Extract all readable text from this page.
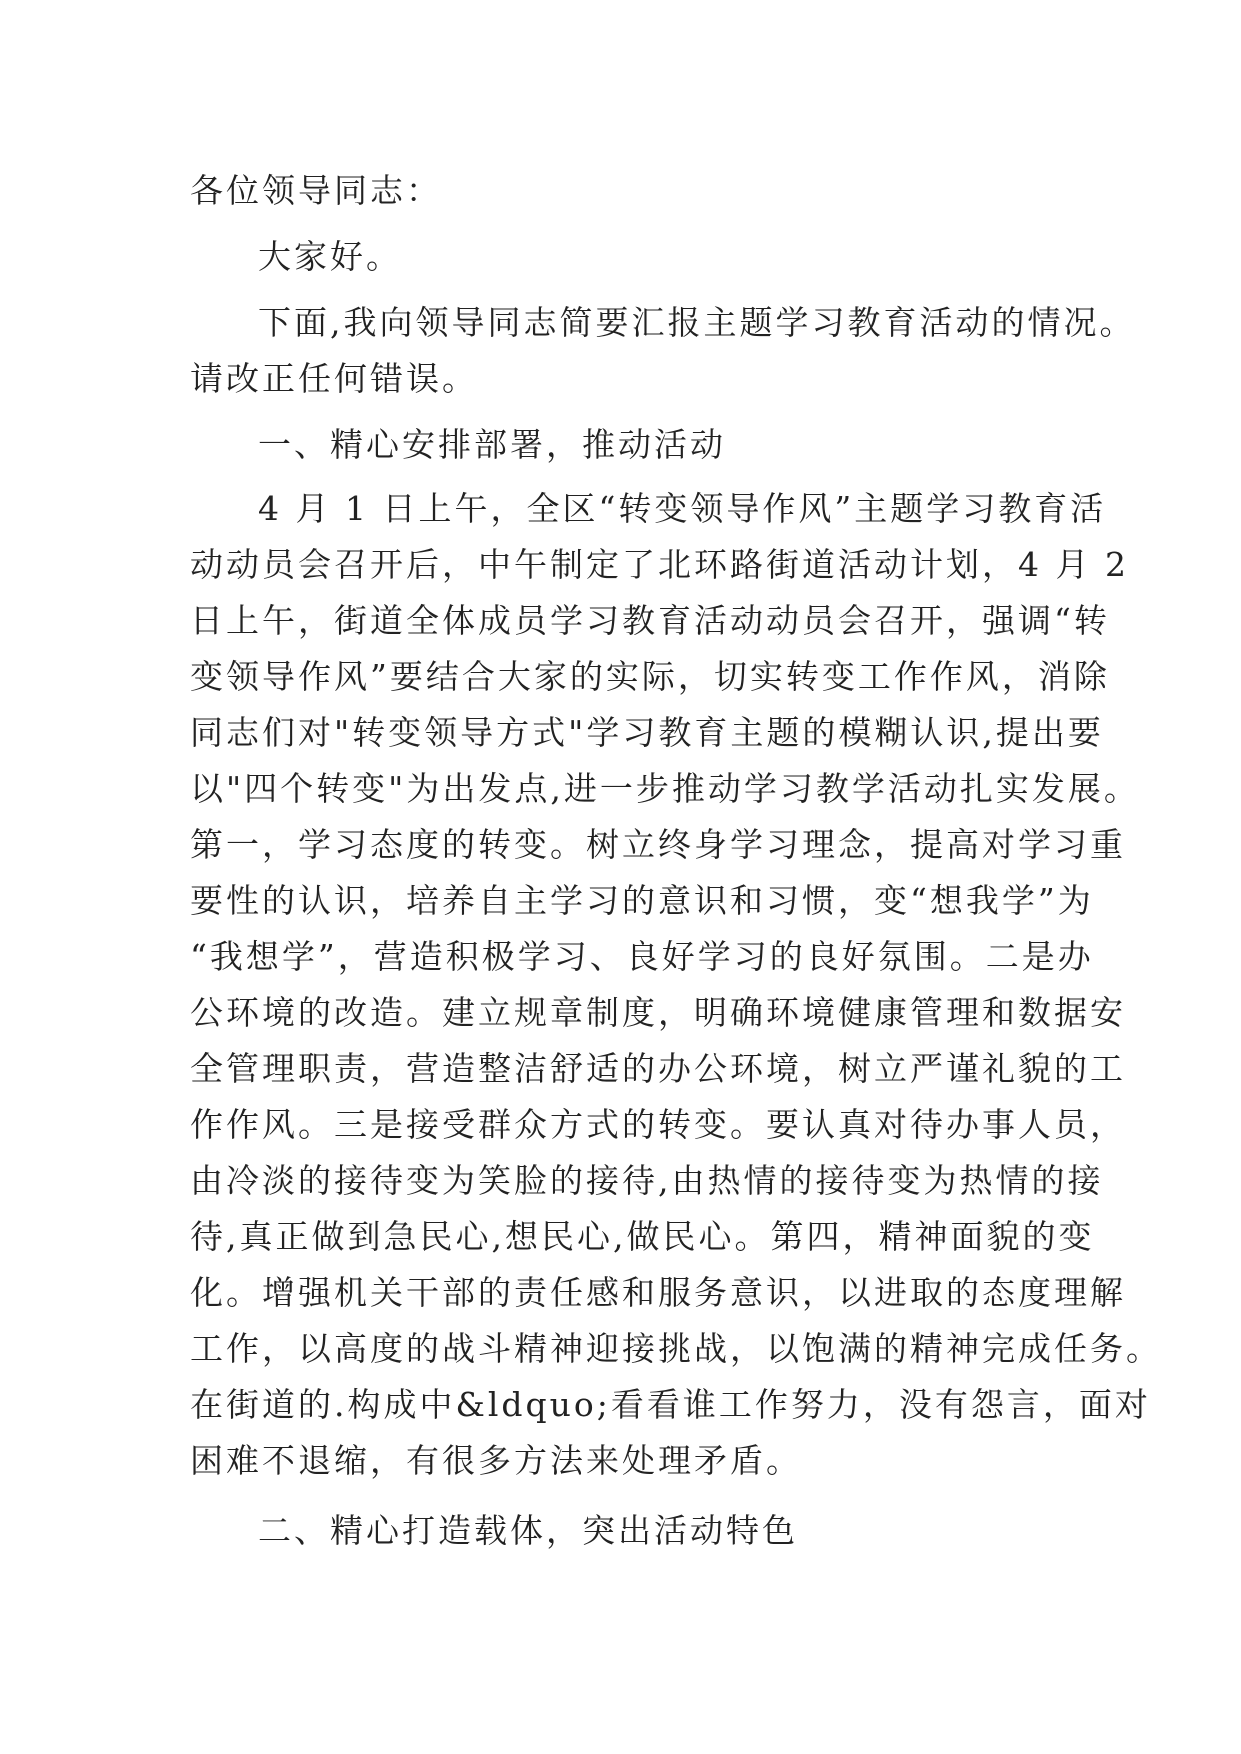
各位领导同志：

大家好。

下面,我向领导同志简要汇报主题学习教育活动的情况。

请改正任何错误。

一、精心安排部署，推动活动

4 月 1 日上午，全区“转变领导作风”主题学习教育活

动动员会召开后，中午制定了北环路街道活动计划，4 月 2

日上午，街道全体成员学习教育活动动员会召开，强调“转

变领导作风”要结合大家的实际，切实转变工作作风，消除

同志们对"转变领导方式"学习教育主题的模糊认识,提出要

以"四个转变"为出发点,进一步推动学习教学活动扎实发展。

第一，学习态度的转变。树立终身学习理念，提高对学习重

要性的认识，培养自主学习的意识和习惯，变“想我学”为

“我想学”，营造积极学习、良好学习的良好氛围。二是办

公环境的改造。建立规章制度，明确环境健康管理和数据安

全管理职责，营造整洁舒适的办公环境，树立严谨礼貌的工

作作风。三是接受群众方式的转变。要认真对待办事人员，

由冷淡的接待变为笑脸的接待,由热情的接待变为热情的接

待,真正做到急民心,想民心,做民心。第四，精神面貌的变

化。增强机关干部的责任感和服务意识，以进取的态度理解

工作，以高度的战斗精神迎接挑战，以饱满的精神完成任务。

在街道的.构成中&ldquo;看看谁工作努力，没有怨言，面对

困难不退缩，有很多方法来处理矛盾。

二、精心打造载体，突出活动特色
